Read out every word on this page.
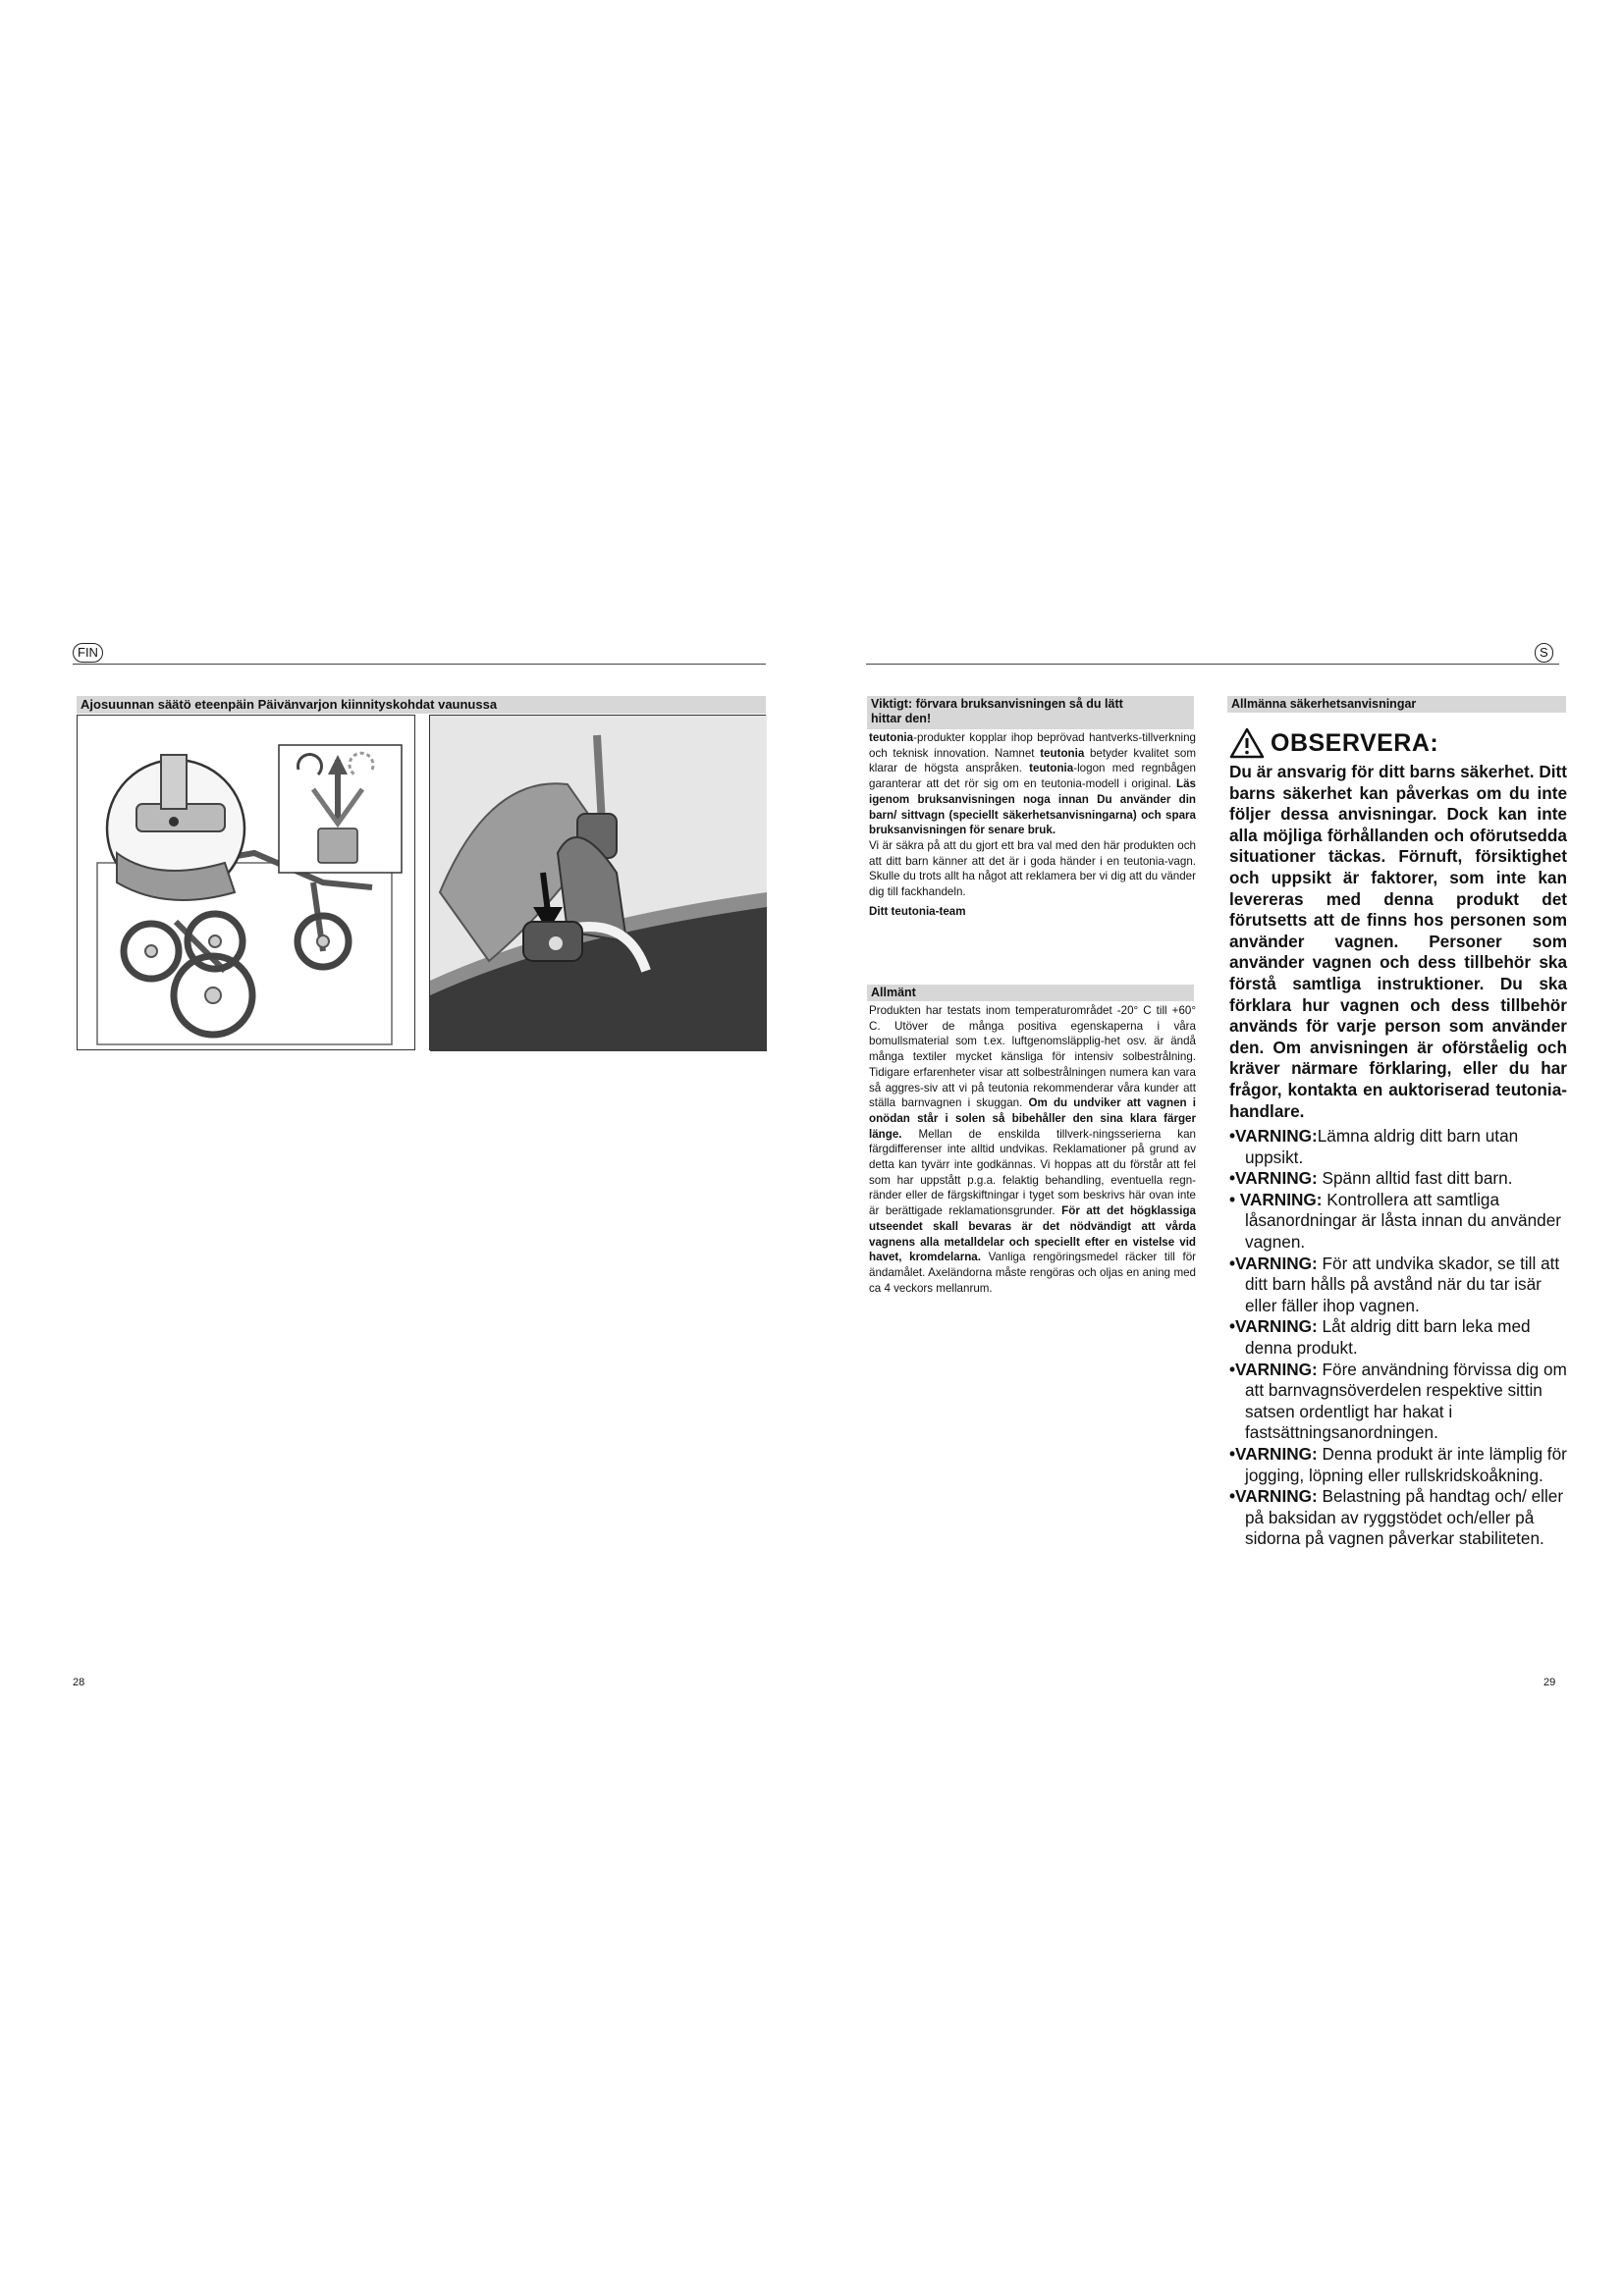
FIN
Ajosuunnan säätö eteenpäin Päivänvarjon kiinnityskohdat vaunussa
28
S
Viktigt: förvara bruksanvisningen så du lätt
hittar den!

teutonia-produkter kopplar ihop beprövad hantverks-tillverkning och teknisk innovation. Namnet teutonia betyder kvalitet som klarar de högsta anspråken. teutonia-logon med regnbågen garanterar att det rör sig om en teutonia-modell i original. Läs igenom bruksanvisningen noga innan Du använder din barn/ sittvagn (speciellt säkerhetsanvisningarna) och spara bruksanvisningen för senare bruk.

Vi är säkra på att du gjort ett bra val med den här produkten och att ditt barn känner att det är i goda händer i en teutonia-vagn. Skulle du trots allt ha något att reklamera ber vi dig att du vänder dig till fackhandeln.

Ditt teutonia-team

Allmänt

Produkten har testats inom temperaturområdet -20° C till +60° C. Utöver de många positiva egenskaperna i våra bomullsmaterial som t.ex. luftgenomsläpplig-het osv. är ändå många textiler mycket känsliga för intensiv solbestrålning. Tidigare erfarenheter visar att solbestrålningen numera kan vara så aggres-siv att vi på teutonia rekommenderar våra kunder att ställa barnvagnen i skuggan. Om du undviker att vagnen i onödan står i solen så bibehåller den sina klara färger länge. Mellan de enskilda tillverk-ningsserierna kan färgdifferenser inte alltid undvikas. Reklamationer på grund av detta kan tyvärr inte godkännas. Vi hoppas att du förstår att fel som har uppstått p.g.a. felaktig behandling, eventuella regn-ränder eller de färgskiftningar i tyget som beskrivs här ovan inte är berättigade reklamationsgrunder. För att det högklassiga utseendet skall bevaras är det nödvändigt att vårda vagnens alla metalldelar och speciellt efter en vistelse vid havet, kromdelarna. Vanliga rengöringsmedel räcker till för ändamålet. Axeländorna måste rengöras och oljas en aning med ca 4 veckors mellanrum.

Allmänna säkerhetsanvisningar
OBSERVERA:

Du är ansvarig för ditt barns säkerhet. Ditt barns säkerhet kan påverkas om du inte följer dessa anvisningar. Dock kan inte alla möjliga förhållanden och oförutsedda situationer täckas. Förnuft, försiktighet och uppsikt är faktorer, som inte kan levereras med denna produkt det förutsetts att de finns hos personen som använder vagnen. Personer som använder vagnen och dess tillbehör ska förstå samtliga instruktioner. Du ska förklara hur vagnen och dess tillbehör används för varje person som använder den. Om anvisningen är oförståelig och kräver närmare förklaring, eller du har frågor, kontakta en auktoriserad teutonia-handlare.

•VARNING:Lämna aldrig ditt barn utan uppsikt.

•VARNING: Spänn alltid fast ditt barn.

• VARNING: Kontrollera att samtliga låsanordningar är låsta innan du använder vagnen.

•VARNING: För att undvika skador, se till att ditt barn hålls på avstånd när du tar isär eller fäller ihop vagnen.

•VARNING: Låt aldrig ditt barn leka med denna produkt.

•VARNING: Före användning förvissa dig om att barnvagnsöverdelen respektive sittin satsen ordentligt har hakat i fastsättningsanordningen.

•VARNING: Denna produkt är inte lämplig för jogging, löpning eller rullskridskoåkning.

•VARNING: Belastning på handtag och/ eller på baksidan av ryggstödet och/eller på sidorna på vagnen påverkar stabiliteten.

29
